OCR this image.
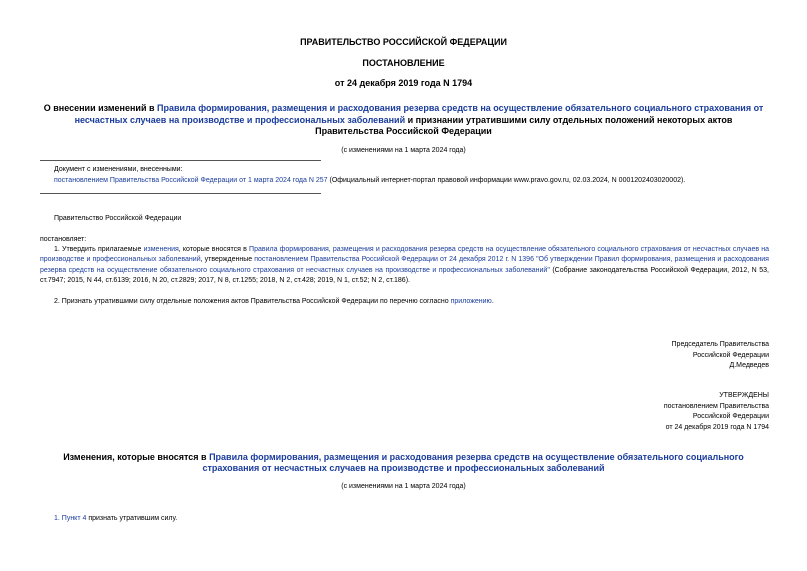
ПРАВИТЕЛЬСТВО РОССИЙСКОЙ ФЕДЕРАЦИИ
ПОСТАНОВЛЕНИЕ
от 24 декабря 2019 года N 1794
О внесении изменений в Правила формирования, размещения и расходования резерва средств на осуществление обязательного социального страхования от несчастных случаев на производстве и профессиональных заболеваний и признании утратившими силу отдельных положений некоторых актов Правительства Российской Федерации
(с изменениями на 1 марта 2024 года)
Документ с изменениями, внесенными:
постановлением Правительства Российской Федерации от 1 марта 2024 года N 257 (Официальный интернет-портал правовой информации www.pravo.gov.ru, 02.03.2024, N 0001202403020002).
Правительство Российской Федерации
постановляет:
1. Утвердить прилагаемые изменения, которые вносятся в Правила формирования, размещения и расходования резерва средств на осуществление обязательного социального страхования от несчастных случаев на производстве и профессиональных заболеваний, утвержденные постановлением Правительства Российской Федерации от 24 декабря 2012 г. N 1396 "Об утверждении Правил формирования, размещения и расходования резерва средств на осуществление обязательного социального страхования от несчастных случаев на производстве и профессиональных заболеваний" (Собрание законодательства Российской Федерации, 2012, N 53, ст.7947; 2015, N 44, ст.6139; 2016, N 20, ст.2829; 2017, N 8, ст.1255; 2018, N 2, ст.428; 2019, N 1, ст.52; N 2, ст.186).
2. Признать утратившими силу отдельные положения актов Правительства Российской Федерации по перечню согласно приложению.
Председатель Правительства
Российской Федерации
Д.Медведев
УТВЕРЖДЕНЫ
постановлением Правительства
Российской Федерации
от 24 декабря 2019 года N 1794
Изменения, которые вносятся в Правила формирования, размещения и расходования резерва средств на осуществление обязательного социального страхования от несчастных случаев на производстве и профессиональных заболеваний
(с изменениями на 1 марта 2024 года)
1. Пункт 4 признать утратившим силу.
